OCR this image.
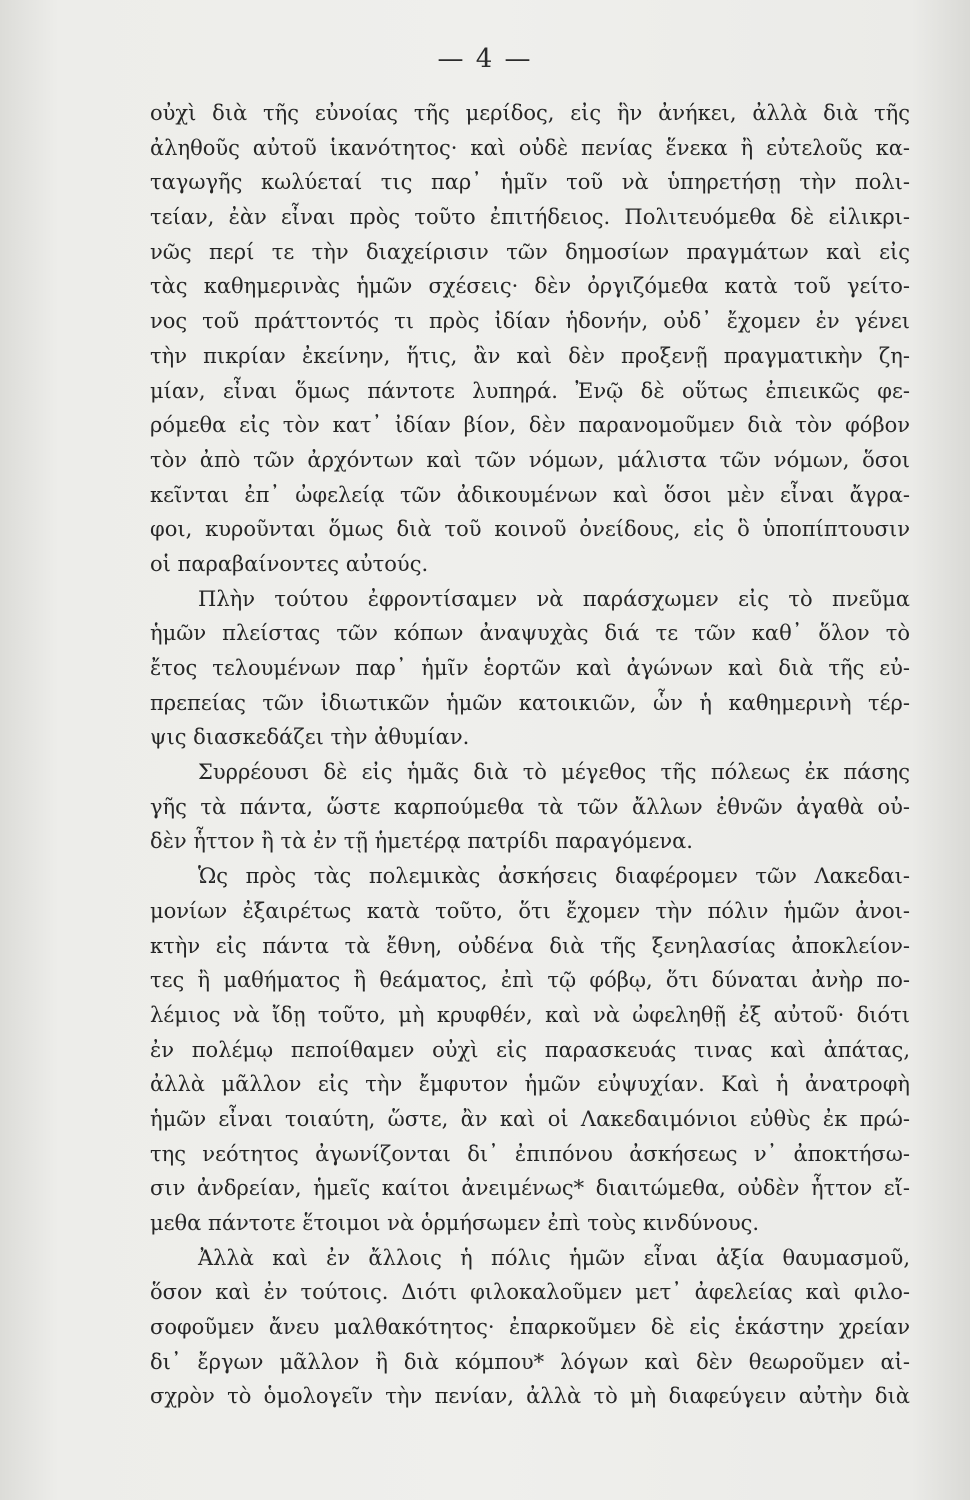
— 4 —
οὐχὶ διὰ τῆς εὐνοίας τῆς μερίδος, εἰς ἣν ἀνήκει, ἀλλὰ διὰ τῆς
ἀληθοῦς αὐτοῦ ἱκανότητος· καὶ οὐδὲ πενίας ἕνεκα ἢ εὐτελοῦς κα-
ταγωγῆς κωλύεταί τις παρ᾽ ἡμῖν τοῦ νὰ ὑπηρετήσῃ τὴν πολι-
τείαν, ἐὰν εἶναι πρὸς τοῦτο ἐπιτήδειος. Πολιτευόμεθα δὲ εἰλικρι-
νῶς περί τε τὴν διαχείρισιν τῶν δημοσίων πραγμάτων καὶ εἰς
τὰς καθημερινὰς ἡμῶν σχέσεις· δὲν ὀργιζόμεθα κατὰ τοῦ γείτο-
νος τοῦ πράττοντός τι πρὸς ἰδίαν ἡδονήν, οὐδ᾽ ἔχομεν ἐν γένει
τὴν πικρίαν ἐκείνην, ἥτις, ἂν καὶ δὲν προξενῇ πραγματικὴν ζη-
μίαν, εἶναι ὅμως πάντοτε λυπηρά. Ἐνῷ δὲ οὕτως ἐπιεικῶς φε-
ρόμεθα εἰς τὸν κατ᾽ ἰδίαν βίον, δὲν παρανομοῦμεν διὰ τὸν φόβον
τὸν ἀπὸ τῶν ἀρχόντων καὶ τῶν νόμων, μάλιστα τῶν νόμων, ὅσοι
κεῖνται ἐπ᾽ ὠφελείᾳ τῶν ἀδικουμένων καὶ ὅσοι μὲν εἶναι ἄγρα-
φοι, κυροῦνται ὅμως διὰ τοῦ κοινοῦ ὀνείδους, εἰς ὃ ὑποπίπτουσιν
οἱ παραβαίνοντες αὐτούς.
Πλὴν τούτου ἐφροντίσαμεν νὰ παράσχωμεν εἰς τὸ πνεῦμα
ἡμῶν πλείστας τῶν κόπων ἀναψυχὰς διά τε τῶν καθ᾽ ὅλον τὸ
ἔτος τελουμένων παρ᾽ ἡμῖν ἑορτῶν καὶ ἀγώνων καὶ διὰ τῆς εὐ-
πρεπείας τῶν ἰδιωτικῶν ἡμῶν κατοικιῶν, ὧν ἡ καθημερινὴ τέρ-
ψις διασκεδάζει τὴν ἀθυμίαν.
Συρρέουσι δὲ εἰς ἡμᾶς διὰ τὸ μέγεθος τῆς πόλεως ἐκ πάσης
γῆς τὰ πάντα, ὥστε καρπούμεθα τὰ τῶν ἄλλων ἐθνῶν ἀγαθὰ οὐ-
δὲν ἧττον ἢ τὰ ἐν τῇ ἡμετέρᾳ πατρίδι παραγόμενα.
Ὡς πρὸς τὰς πολεμικὰς ἀσκήσεις διαφέρομεν τῶν Λακεδαι-
μονίων ἐξαιρέτως κατὰ τοῦτο, ὅτι ἔχομεν τὴν πόλιν ἡμῶν ἀνοι-
κτὴν εἰς πάντα τὰ ἔθνη, οὐδένα διὰ τῆς ξενηλασίας ἀποκλείον-
τες ἢ μαθήματος ἢ θεάματος, ἐπὶ τῷ φόβῳ, ὅτι δύναται ἀνὴρ πο-
λέμιος νὰ ἴδῃ τοῦτο, μὴ κρυφθέν, καὶ νὰ ὠφεληθῇ ἐξ αὐτοῦ· διότι
ἐν πολέμῳ πεποίθαμεν οὐχὶ εἰς παρασκευάς τινας καὶ ἀπάτας,
ἀλλὰ μᾶλλον εἰς τὴν ἔμφυτον ἡμῶν εὐψυχίαν. Καὶ ἡ ἀνατροφὴ
ἡμῶν εἶναι τοιαύτη, ὥστε, ἂν καὶ οἱ Λακεδαιμόνιοι εὐθὺς ἐκ πρώ-
της νεότητος ἀγωνίζονται δι᾽ ἐπιπόνου ἀσκήσεως ν᾽ ἀποκτήσω-
σιν ἀνδρείαν, ἡμεῖς καίτοι ἀνειμένως* διαιτώμεθα, οὐδὲν ἧττον εἴ-
μεθα πάντοτε ἕτοιμοι νὰ ὁρμήσωμεν ἐπὶ τοὺς κινδύνους.
Ἀλλὰ καὶ ἐν ἄλλοις ἡ πόλις ἡμῶν εἶναι ἀξία θαυμασμοῦ,
ὅσον καὶ ἐν τούτοις. Διότι φιλοκαλοῦμεν μετ᾽ ἀφελείας καὶ φιλο-
σοφοῦμεν ἄνευ μαλθακότητος· ἐπαρκοῦμεν δὲ εἰς ἑκάστην χρείαν
δι᾽ ἔργων μᾶλλον ἢ διὰ κόμπου* λόγων καὶ δὲν θεωροῦμεν αἰ-
σχρὸν τὸ ὁμολογεῖν τὴν πενίαν, ἀλλὰ τὸ μὴ διαφεύγειν αὐτὴν διὰ
